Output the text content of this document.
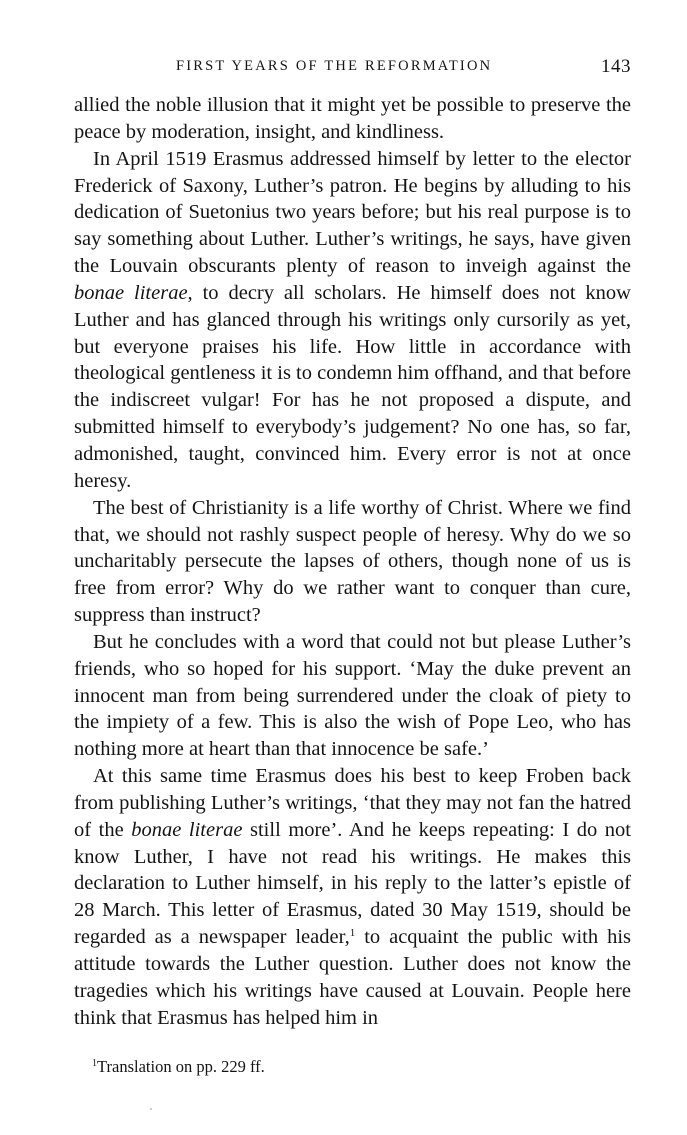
FIRST YEARS OF THE REFORMATION	143

allied the noble illusion that it might yet be possible to preserve the peace by moderation, insight, and kindliness.

In April 1519 Erasmus addressed himself by letter to the elector Frederick of Saxony, Luther’s patron. He begins by alluding to his dedication of Suetonius two years before; but his real purpose is to say something about Luther. Luther’s writings, he says, have given the Louvain obscurants plenty of reason to inveigh against the bonae literae, to decry all scholars. He himself does not know Luther and has glanced through his writings only cursorily as yet, but everyone praises his life. How little in accordance with theological gentleness it is to condemn him offhand, and that before the indiscreet vulgar! For has he not proposed a dispute, and submitted himself to everybody’s judgement? No one has, so far, admonished, taught, convinced him. Every error is not at once heresy.

The best of Christianity is a life worthy of Christ. Where we find that, we should not rashly suspect people of heresy. Why do we so uncharitably persecute the lapses of others, though none of us is free from error? Why do we rather want to conquer than cure, suppress than instruct?

But he concludes with a word that could not but please Luther’s friends, who so hoped for his support. ‘May the duke prevent an innocent man from being surrendered under the cloak of piety to the impiety of a few. This is also the wish of Pope Leo, who has nothing more at heart than that innocence be safe.’

At this same time Erasmus does his best to keep Froben back from publishing Luther’s writings, ‘that they may not fan the hatred of the bonae literae still more’. And he keeps repeating: I do not know Luther, I have not read his writings. He makes this declaration to Luther himself, in his reply to the latter’s epistle of 28 March. This letter of Erasmus, dated 30 May 1519, should be regarded as a newspaper leader,$^1$ to acquaint the public with his attitude towards the Luther question. Luther does not know the tragedies which his writings have caused at Louvain. People here think that Erasmus has helped him in

$^1$Translation on pp. 229 ff.
